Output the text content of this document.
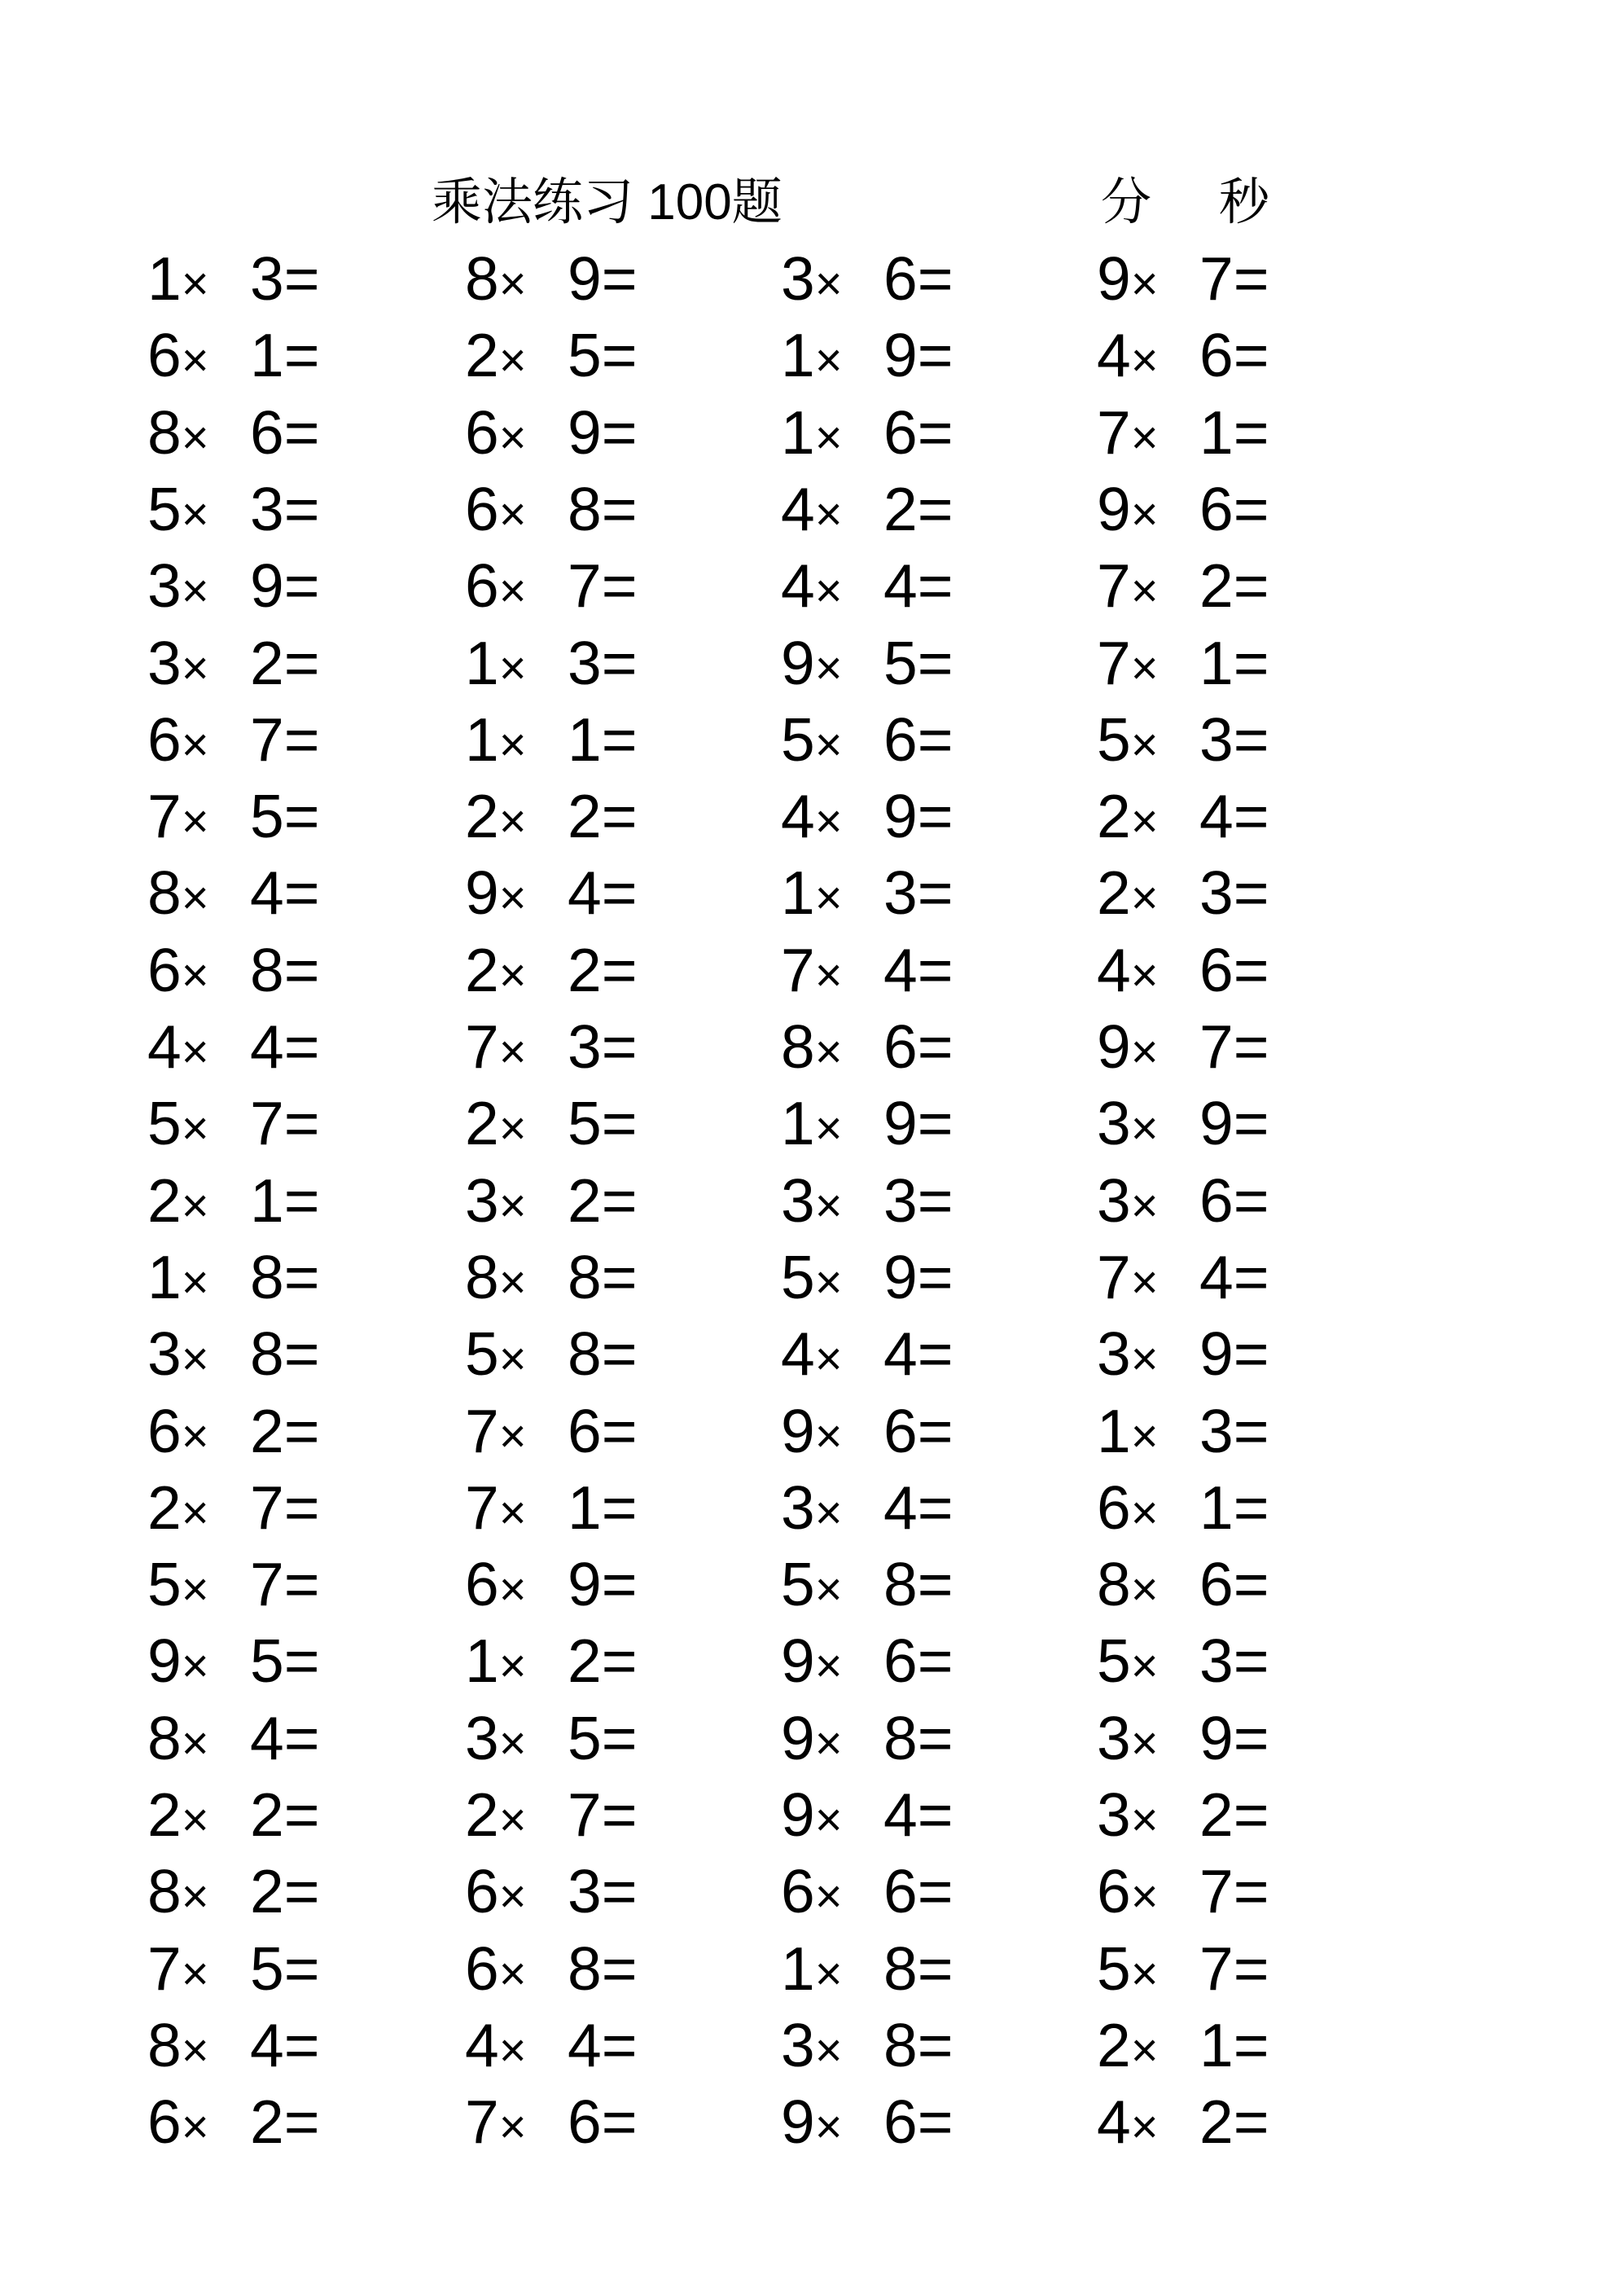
乘法练习 100题	分 秒
1× 3= 8× 9= 3× 6= 9× 7=
6× 1= 2× 5= 1× 9= 4× 6=
8× 6= 6× 9= 1× 6= 7× 1=
5× 3= 6× 8= 4× 2= 9× 6=
3× 9= 6× 7= 4× 4= 7× 2=
3× 2= 1× 3= 9× 5= 7× 1=
6× 7= 1× 1= 5× 6= 5× 3=
7× 5= 2× 2= 4× 9= 2× 4=
8× 4= 9× 4= 1× 3= 2× 3=
6× 8= 2× 2= 7× 4= 4× 6=
4× 4= 7× 3= 8× 6= 9× 7=
5× 7= 2× 5= 1× 9= 3× 9=
2× 1= 3× 2= 3× 3= 3× 6=
1× 8= 8× 8= 5× 9= 7× 4=
3× 8= 5× 8= 4× 4= 3× 9=
6× 2= 7× 6= 9× 6= 1× 3=
2× 7= 7× 1= 3× 4= 6× 1=
5× 7= 6× 9= 5× 8= 8× 6=
9× 5= 1× 2= 9× 6= 5× 3=
8× 4= 3× 5= 9× 8= 3× 9=
2× 2= 2× 7= 9× 4= 3× 2=
8× 2= 6× 3= 6× 6= 6× 7=
7× 5= 6× 8= 1× 8= 5× 7=
8× 4= 4× 4= 3× 8= 2× 1=
6× 2= 7× 6= 9× 6= 4× 2=
